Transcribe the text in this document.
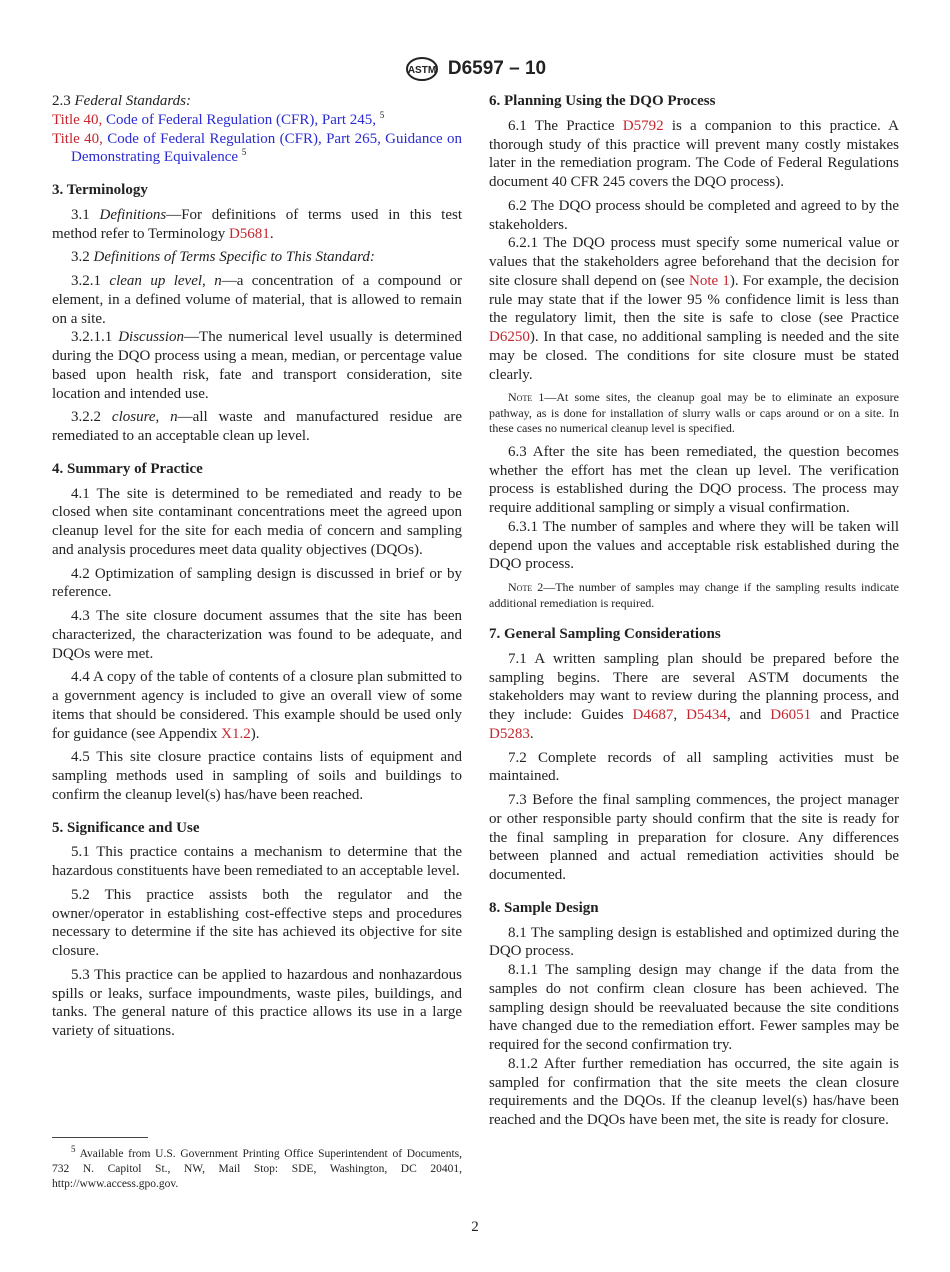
ASTM D6597 – 10
2.3 Federal Standards:
Title 40, Code of Federal Regulation (CFR), Part 245, $^5$
Title 40, Code of Federal Regulation (CFR), Part 265, Guidance on Demonstrating Equivalence $^5$
3. Terminology
3.1 Definitions—For definitions of terms used in this test method refer to Terminology D5681.
3.2 Definitions of Terms Specific to This Standard:
3.2.1 clean up level, n—a concentration of a compound or element, in a defined volume of material, that is allowed to remain on a site.
3.2.1.1 Discussion—The numerical level usually is determined during the DQO process using a mean, median, or percentage value based upon health risk, fate and transport consideration, site location and intended use.
3.2.2 closure, n—all waste and manufactured residue are remediated to an acceptable clean up level.
4. Summary of Practice
4.1 The site is determined to be remediated and ready to be closed when site contaminant concentrations meet the agreed upon cleanup level for the site for each media of concern and sampling and analysis procedures meet data quality objectives (DQOs).
4.2 Optimization of sampling design is discussed in brief or by reference.
4.3 The site closure document assumes that the site has been characterized, the characterization was found to be adequate, and DQOs were met.
4.4 A copy of the table of contents of a closure plan submitted to a government agency is included to give an overall view of some items that should be considered. This example should be used only for guidance (see Appendix X1.2).
4.5 This site closure practice contains lists of equipment and sampling methods used in sampling of soils and buildings to confirm the cleanup level(s) has/have been reached.
5. Significance and Use
5.1 This practice contains a mechanism to determine that the hazardous constituents have been remediated to an acceptable level.
5.2 This practice assists both the regulator and the owner/operator in establishing cost-effective steps and procedures necessary to determine if the site has achieved its objective for site closure.
5.3 This practice can be applied to hazardous and nonhazardous spills or leaks, surface impoundments, waste piles, buildings, and tanks. The general nature of this practice allows its use in a large variety of situations.
6. Planning Using the DQO Process
6.1 The Practice D5792 is a companion to this practice. A thorough study of this practice will prevent many costly mistakes later in the remediation program. The Code of Federal Regulations document 40 CFR 245 covers the DQO process).
6.2 The DQO process should be completed and agreed to by the stakeholders.
6.2.1 The DQO process must specify some numerical value or values that the stakeholders agree beforehand that the decision for site closure shall depend on (see Note 1). For example, the decision rule may state that if the lower 95 % confidence limit is less than the regulatory limit, then the site is safe to close (see Practice D6250). In that case, no additional sampling is needed and the site may be closed. The conditions for site closure must be stated clearly.
Note 1—At some sites, the cleanup goal may be to eliminate an exposure pathway, as is done for installation of slurry walls or caps around or on a site. In these cases no numerical cleanup level is specified.
6.3 After the site has been remediated, the question becomes whether the effort has met the clean up level. The verification process is established during the DQO process. The process may require additional sampling or simply a visual confirmation.
6.3.1 The number of samples and where they will be taken will depend upon the values and acceptable risk established during the DQO process.
Note 2—The number of samples may change if the sampling results indicate additional remediation is required.
7. General Sampling Considerations
7.1 A written sampling plan should be prepared before the sampling begins. There are several ASTM documents the stakeholders may want to review during the planning process, and they include: Guides D4687, D5434, and D6051 and Practice D5283.
7.2 Complete records of all sampling activities must be maintained.
7.3 Before the final sampling commences, the project manager or other responsible party should confirm that the site is ready for the final sampling in preparation for closure. Any differences between planned and actual remediation activities should be documented.
8. Sample Design
8.1 The sampling design is established and optimized during the DQO process.
8.1.1 The sampling design may change if the data from the samples do not confirm clean closure has been achieved. The sampling design should be reevaluated because the site conditions have changed due to the remediation effort. Fewer samples may be required for the second confirmation try.
8.1.2 After further remediation has occurred, the site again is sampled for confirmation that the site meets the clean closure requirements and the DQOs. If the cleanup level(s) has/have been reached and the DQOs have been met, the site is ready for closure.
$^5$ Available from U.S. Government Printing Office Superintendent of Documents, 732 N. Capitol St., NW, Mail Stop: SDE, Washington, DC 20401, http://www.access.gpo.gov.
2
